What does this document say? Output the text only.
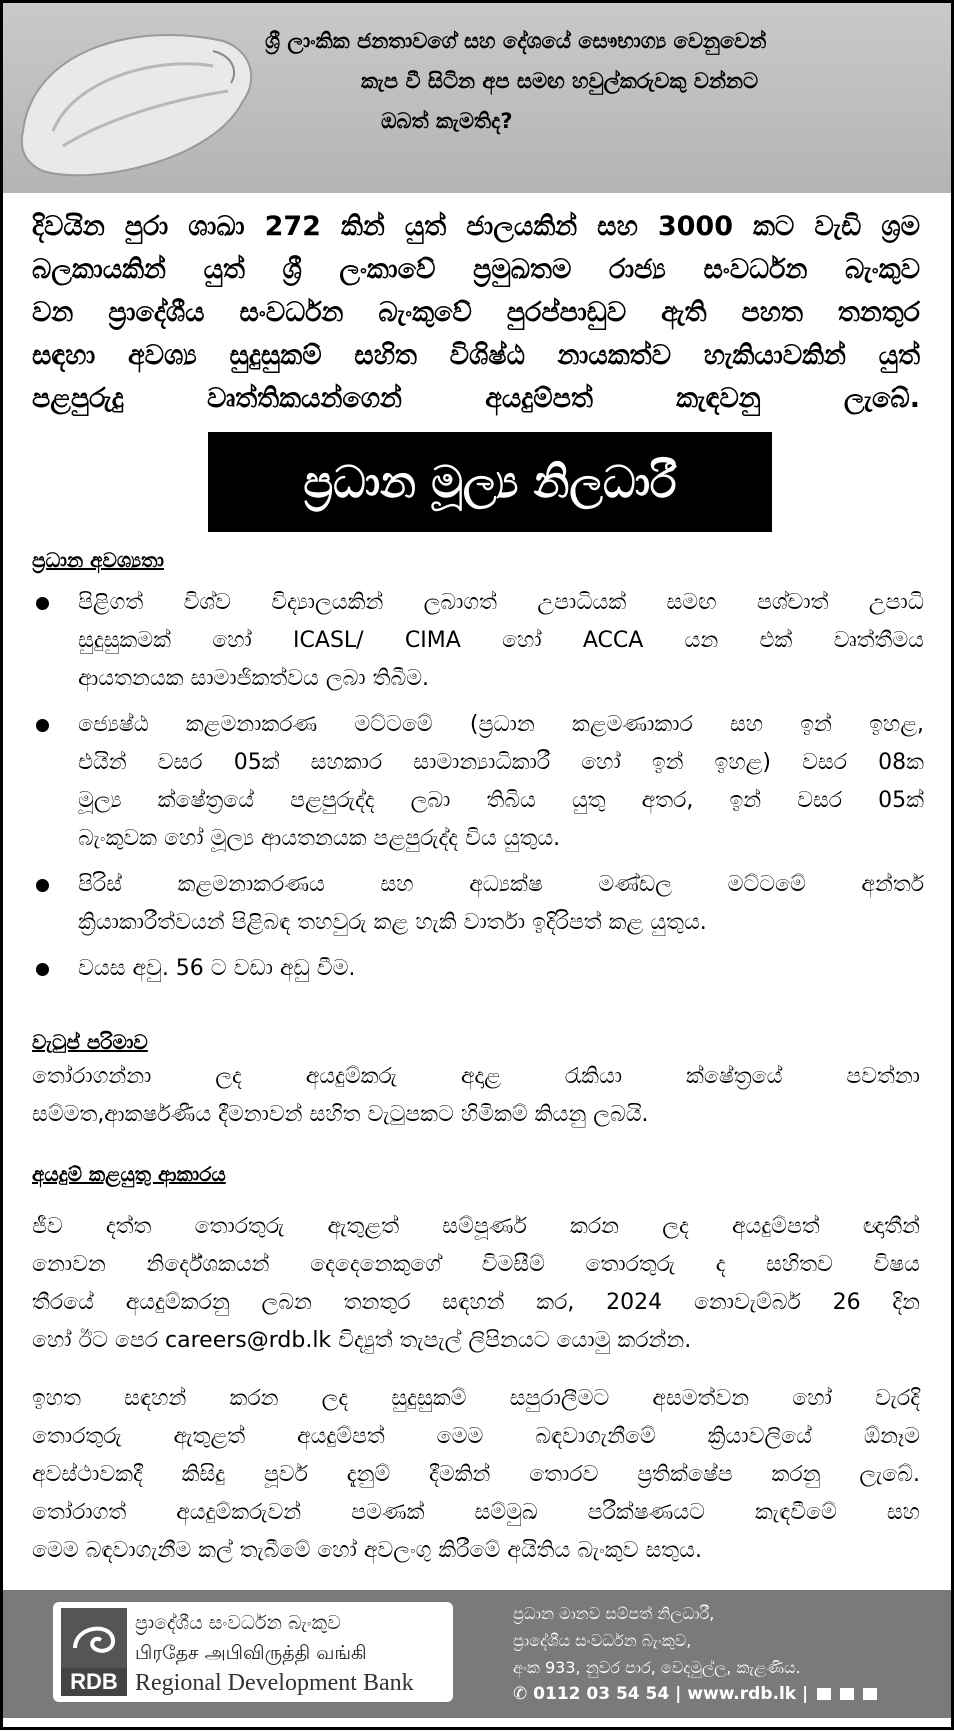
ශ්‍රී ලාංකික ජනතාවගේ සහ දේශයේ සෞභාග්‍ය වෙනුවෙන්
කැප වී සිටින අප සමඟ හවුල්කරුවකු වන්නට
ඔබත් කැමතිද?
දිවයින පුරා ශාඛා 272 කින් යුත් ජාලයකින් සහ 3000 කට වැඩි ශ්‍රම
බලකායකින් යුත් ශ්‍රී ලංකාවේ ප්‍රමුඛතම රාජ්‍ය සංවර්ධන බැංකුව
වන ප්‍රාදේශීය සංවර්ධන බැංකුවේ පුරප්පාඩුව ඇති පහත තනතුර
සඳහා අවශ්‍ය සුදුසුකම් සහිත විශිෂ්ඨ නායකත්ව හැකියාවකින් යුත්
පළපුරුදු වෘත්තිකයන්ගෙන් අයදුම්පත් කැඳවනු ලැබේ.
ප්‍රධාන මූල්‍ය නිලධාරී
ප්‍රධාන අවශ්‍යතා
පිළිගත් විශ්ව විද්‍යාලයකින් ලබාගත් උපාධියක් සමඟ පශ්චාත් උපාධි
සුදුසුකමක් හෝ ICASL/ CIMA හෝ ACCA යන එක් වෘත්තීමය
ආයතනයක සාමාජිකත්වය ලබා තිබීම.
ජ්‍යෙෂ්ඨ කළමනාකරණ මට්ටමේ (ප්‍රධාන කළමණාකාර සහ ඉන් ඉහළ,
එයින් වසර 05ක් සහකාර සාමාන්‍යාධිකාරී හෝ ඉන් ඉහළ) වසර 08ක
මූල්‍ය ක්ෂේත්‍රයේ පළපුරුද්ද ලබා තිබිය යුතු අතර, ඉන් වසර 05ක්
බැංකුවක හෝ මූල්‍ය ආයතනයක පළපුරුද්ද විය යුතුය.
පිරිස් කළමනාකරණය සහ අධ්‍යක්ෂ මණ්ඩල මට්ටමේ අන්තර්
ක්‍රියාකාරීත්වයන් පිළිබඳ තහවුරු කළ හැකි වාර්තා ඉදිරිපත් කළ යුතුය.
වයස අවු. 56 ට වඩා අඩු වීම.
වැටුප් පරිමාව
තෝරාගන්නා ලද අයදුම්කරු අදාළ රැකියා ක්ෂේත්‍රයේ පවත්නා
සම්මත,ආකර්ෂණීය දීමනාවන් සහිත වැටුපකට හිමිකම් කියනු ලබයි.
අයදුම් කළයුතු ආකාරය
ජීව දත්ත තොරතුරු ඇතුළත් සම්පූර්ණ කරන ලද අයදුම්පත් ඥාතීන්
නොවන නිර්දේශකයන් දෙදෙනෙකුගේ විමසීම් තොරතුරු ද සහිතව විෂය
තීරයේ අයදුම්කරනු ලබන තනතුර සඳහන් කර, 2024 නොවැම්බර් 26 දින
හෝ ඊට පෙර careers@rdb.lk විද්‍යුත් තැපැල් ලිපිනයට යොමු කරන්න.
ඉහත සඳහන් කරන ලද සුදුසුකම් සපුරාලීමට අසමත්වන හෝ වැරදි
තොරතුරු ඇතුළත් අයදුම්පත් මෙම බඳවාගැනීමේ ක්‍රියාවලියේ ඕනෑම
අවස්ථාවකදී කිසිදු පූර්ව දැනුම් දීමකින් තොරව ප්‍රතික්ෂේප කරනු ලැබේ.
තෝරාගත් අයදුම්කරුවන් පමණක් සම්මුඛ පරීක්ෂණයට කැඳවීමේ සහ
මෙම බඳවාගැනීම කල් තැබීමේ හෝ අවලංගු කිරීමේ අයිතිය බැංකුව සතුය.
RDB
ප්‍රාදේශීය සංවර්ධන බැංකුව
பிரதேச அபிவிருத்தி வங்கி
Regional Development Bank
ප්‍රධාන මානව සම්පත් නිලධාරී,
ප්‍රාදේශීය සංවර්ධන බැංකුව,
අංක 933, නුවර පාර, වෙදමුල්ල, කැළණිය.
✆ 0112 03 54 54 | www.rdb.lk |
